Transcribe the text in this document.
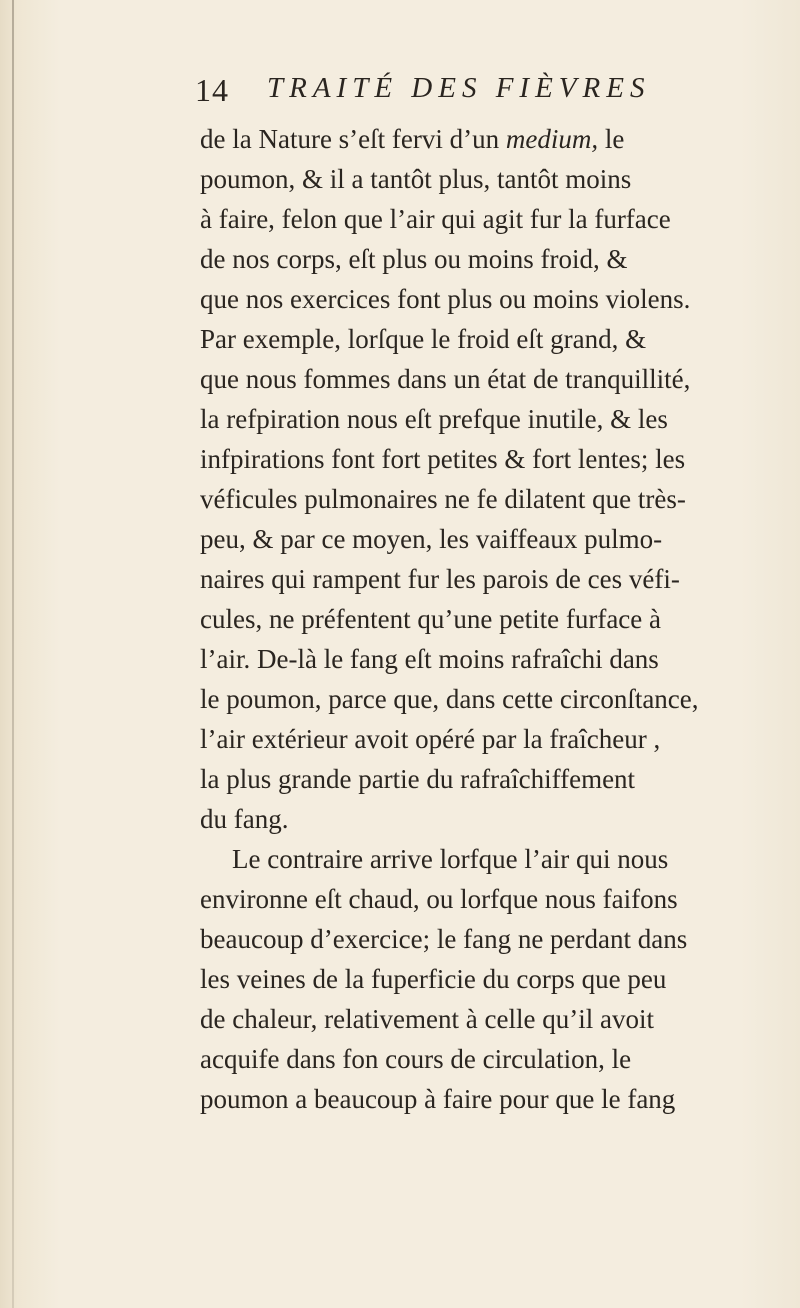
14 TRAITÉ DES FIÈVRES
de la Nature s’eſt fervi d’un medium, le
poumon, & il a tantôt plus, tantôt moins
à faire, felon que l’air qui agit fur la furface
de nos corps, eſt plus ou moins froid, &
que nos exercices font plus ou moins violens.
Par exemple, lorſque le froid eſt grand, &
que nous fommes dans un état de tranquillité,
la refpiration nous eſt prefque inutile, & les
infpirations font fort petites & fort lentes; les
véficules pulmonaires ne fe dilatent que très-
peu, & par ce moyen, les vaiffeaux pulmo-
naires qui rampent fur les parois de ces véfi-
cules, ne préfentent qu’une petite furface à
l’air. De-là le fang eſt moins rafraîchi dans
le poumon, parce que, dans cette circonſtance,
l’air extérieur avoit opéré par la fraîcheur ,
la plus grande partie du rafraîchiffement
du fang.
Le contraire arrive lorfque l’air qui nous
environne eſt chaud, ou lorfque nous faifons
beaucoup d’exercice; le fang ne perdant dans
les veines de la fuperficie du corps que peu
de chaleur, relativement à celle qu’il avoit
acquife dans fon cours de circulation, le
poumon a beaucoup à faire pour que le fang
